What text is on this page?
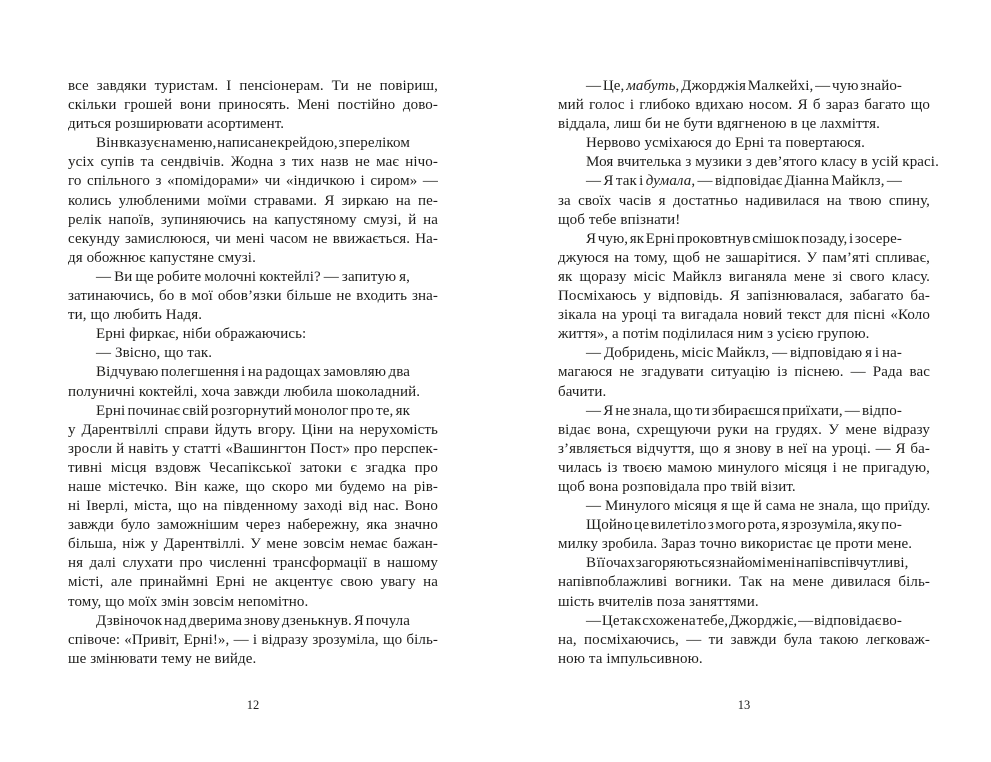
все завдяки туристам. І пенсіонерам. Ти не повіриш,
скільки грошей вони приносять. Мені постійно дово-
диться розширювати асортимент.
Він вказує на меню, написане крейдою, з переліком
усіх супів та сендвічів. Жодна з тих назв не має нічо-
го спільного з «помідорами» чи «індичкою і сиром» —
колись улюбленими моїми стравами. Я зиркаю на пе-
релік напоїв, зупиняючись на капустяному смузі, й на
секунду замислююся, чи мені часом не ввижається. На-
дя обожнює капустяне смузі.
— Ви ще робите молочні коктейлі? — запитую я,
затинаючись, бо в мої обов’язки більше не входить зна-
ти, що любить Надя.
Ерні фиркає, ніби ображаючись:
— Звісно, що так.
Відчуваю полегшення і на радощах замовляю два
полуничні коктейлі, хоча завжди любила шоколадний.
Ерні починає свій розгорнутий монолог про те, як
у Дарентвіллі справи йдуть вгору. Ціни на нерухомість
зросли й навіть у статті «Вашингтон Пост» про перспек-
тивні місця вздовж Чесапікської затоки є згадка про
наше містечко. Він каже, що скоро ми будемо на рів-
ні Іверлі, міста, що на південному заході від нас. Воно
завжди було заможнішим через набережну, яка значно
більша, ніж у Дарентвіллі. У мене зовсім немає бажан-
ня далі слухати про численні трансформації в нашому
місті, але принаймні Ерні не акцентує свою увагу на
тому, що моїх змін зовсім непомітно.
Дзвіночок над дверима знову дзенькнув. Я почула
співоче: «Привіт, Ерні!», — і відразу зрозуміла, що біль-
ше змінювати тему не вийде.
12
— Це, мабуть, Джорджія Малкейхі, — чую знайо-
мий голос і глибоко вдихаю носом. Я б зараз багато що
віддала, лиш би не бути вдягненою в це лахміття.
Нервово усміхаюся до Ерні та повертаюся.
Моя вчителька з музики з дев’ятого класу в усій красі.
— Я так і думала, — відповідає Діанна Майклз, —
за своїх часів я достатньо надивилася на твою спину,
щоб тебе впізнати!
Я чую, як Ерні проковтнув смішок позаду, і зосере-
джуюся на тому, щоб не зашарітися. У пам’яті спливає,
як щоразу місіс Майклз виганяла мене зі свого класу.
Посміхаюсь у відповідь. Я запізнювалася, забагато ба-
зікала на уроці та вигадала новий текст для пісні «Коло
життя», а потім поділилася ним з усією групою.
— Добридень, місіс Майклз, — відповідаю я і на-
магаюся не згадувати ситуацію із піснею. — Рада вас
бачити.
— Я не знала, що ти збираєшся приїхати, — відпо-
відає вона, схрещуючи руки на грудях. У мене відразу
з’являється відчуття, що я знову в неї на уроці. — Я ба-
чилась із твоєю мамою минулого місяця і не пригадую,
щоб вона розповідала про твій візит.
— Минулого місяця я ще й сама не знала, що приїду.
Щойно це вилетіло з мого рота, я зрозуміла, яку по-
милку зробила. Зараз точно використає це проти мене.
В її очах загоряються знайомі мені напівспівчутливі,
напівпоблажливі вогники. Так на мене дивилася біль-
шість вчителів поза заняттями.
— Це так схоже на тебе, Джорджіє, — відповідає во-
на, посміхаючись, — ти завжди була такою легковаж-
ною та імпульсивною.
13
